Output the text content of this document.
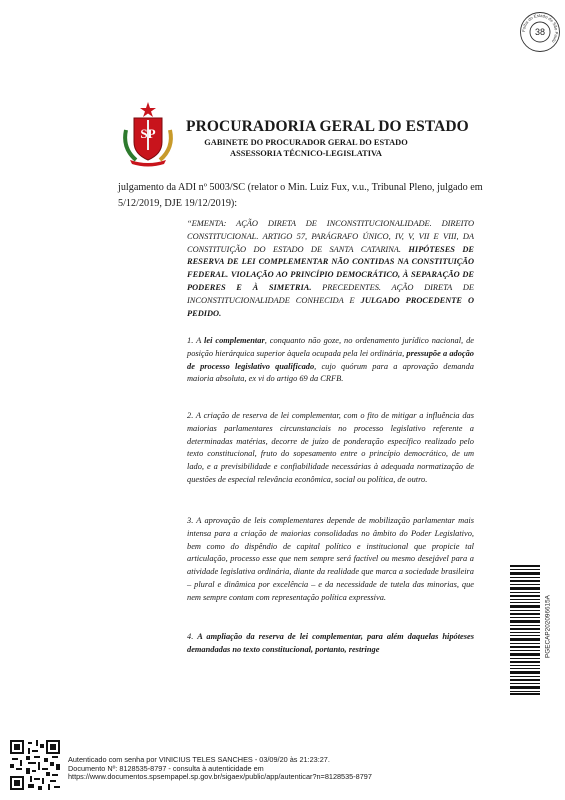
Folha do Estado de São Paulo
38
SP PROCURADORIA GERAL DO ESTADO
GABINETE DO PROCURADOR GERAL DO ESTADO
ASSESSORIA TÉCNICO-LEGISLATIVA
julgamento da ADI nº 5003/SC (relator o Min. Luiz Fux, v.u., Tribunal Pleno, julgado em 5/12/2019, DJE 19/12/2019):
“EMENTA: AÇÃO DIRETA DE INCONSTITUCIONALIDADE. DIREITO CONSTITUCIONAL. ARTIGO 57, PARÁGRAFO ÚNICO, IV, V, VII E VIII, DA CONSTITUIÇÃO DO ESTADO DE SANTA CATARINA. HIPÓTESES DE RESERVA DE LEI COMPLEMENTAR NÃO CONTIDAS NA CONSTITUIÇÃO FEDERAL. VIOLAÇÃO AO PRINCÍPIO DEMOCRÁTICO, À SEPARAÇÃO DE PODERES E À SIMETRIA. PRECEDENTES. AÇÃO DIRETA DE INCONSTITUCIONALIDADE CONHECIDA E JULGADO PROCEDENTE O PEDIDO.
1. A lei complementar, conquanto não goze, no ordenamento jurídico nacional, de posição hierárquica superior àquela ocupada pela lei ordinária, pressupõe a adoção de processo legislativo qualificado, cujo quórum para a aprovação demanda maioria absoluta, ex vi do artigo 69 da CRFB.
2. A criação de reserva de lei complementar, com o fito de mitigar a influência das maiorias parlamentares circunstanciais no processo legislativo referente a determinadas matérias, decorre de juízo de ponderação específico realizado pelo texto constitucional, fruto do sopesamento entre o princípio democrático, de um lado, e a previsibilidade e confiabilidade necessárias à adequada normatização de questões de especial relevância econômica, social ou política, de outro.
3. A aprovação de leis complementares depende de mobilização parlamentar mais intensa para a criação de maiorias consolidadas no âmbito do Poder Legislativo, bem como do dispêndio de capital político e institucional que propicie tal articulação, processo esse que nem sempre será factível ou mesmo desejável para a atividade legislativa ordinária, diante da realidade que marca a sociedade brasileira – plural e dinâmica por excelência – e da necessidade de tutela das minorias, que nem sempre contam com representação política expressiva.
4. A ampliação da reserva de lei complementar, para além daquelas hipóteses demandadas no texto constitucional, portanto, restringe	PGECAP202096615A
Autenticado com senha por VINICIUS TELES SANCHES - 03/09/20 às 21:23:27.
Documento Nº: 8128535-8797 - consulta à autenticidade em
https://www.documentos.spsempapel.sp.gov.br/sigaex/public/app/autenticar?n=8128535-8797
